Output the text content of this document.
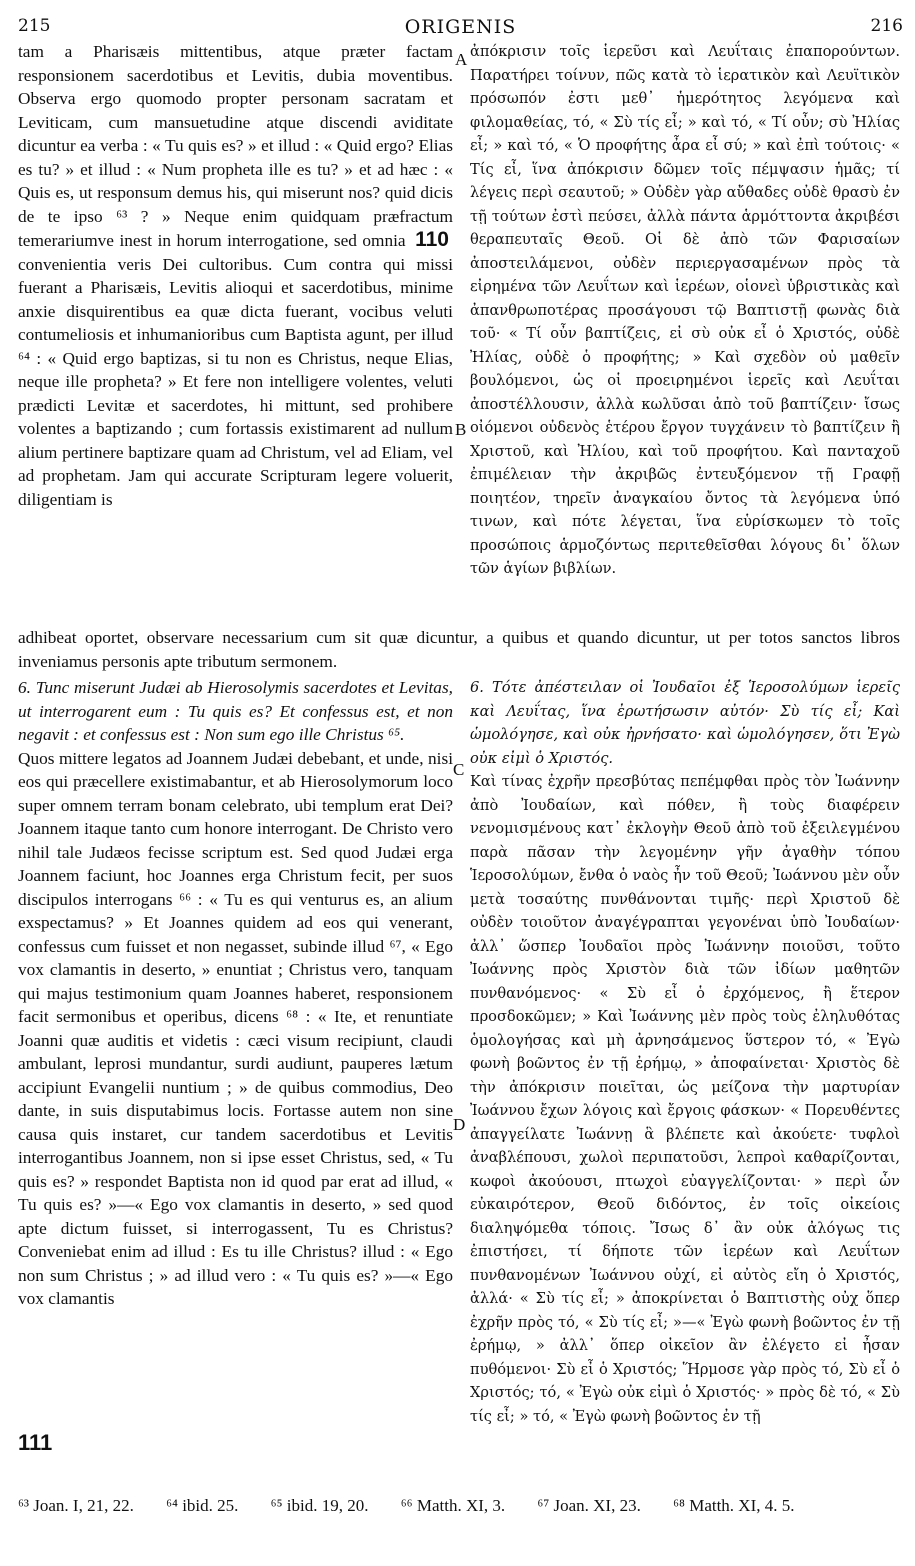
215	ORIGENIS	216

tam a Pharisæis mittentibus, atque præter factam responsionem sacerdotibus et Levitis, dubia moventibus. Observa ergo quomodo propter personam sacratam et Leviticam, cum mansuetudine atque discendi aviditate dicuntur ea verba : « Tu quis es? » et illud : « Quid ergo? Elias es tu? » et illud : « Num propheta ille es tu? » et ad hæc : « Quis es, ut responsum demus his, qui miserunt nos? quid dicis de te ipso ⁶³ ? » Neque enim quidquam præfractum temerariumve inest in horum interrogatione, sed omnia 110 convenientia veris Dei cultoribus. Cum contra qui missi fuerant a Pharisæis, Levitis alioqui et sacerdotibus, minime anxie disquirentibus ea quæ dicta fuerant, vocibus veluti contumeliosis et inhumanioribus cum Baptista agunt, per illud ⁶⁴ : « Quid ergo baptizas, si tu non es Christus, neque Elias, neque ille propheta? » Et fere non intelligere volentes, veluti prædicti Levitæ et sacerdotes, hi mittunt, sed prohibere volentes a baptizando ; cum fortassis existimarent ad nullum alium pertinere baptizare quam ad Christum, vel ad Eliam, vel ad prophetam. Jam qui accurate Scripturam legere voluerit, diligentiam is

ἀπόκρισιν τοῖς ἱερεῦσι καὶ Λευΐταις ἐπαπορούντων. Παρατήρει τοίνυν, πῶς κατὰ τὸ ἱερατικὸν καὶ Λευϊτικὸν πρόσωπόν ἐστι μεθ᾽ ἡμερότητος λεγόμενα καὶ φιλομαθείας, τό, « Σὺ τίς εἶ; » καὶ τό, « Τί οὖν; σὺ Ἠλίας εἶ; » καὶ τό, « Ὁ προφήτης ἆρα εἶ σύ; » καὶ ἐπὶ τούτοις· « Τίς εἶ, ἵνα ἀπόκρισιν δῶμεν τοῖς πέμψασιν ἡμᾶς; τί λέγεις περὶ σεαυτοῦ; » Οὐδὲν γὰρ αὔθαδες οὐδὲ θρασὺ ἐν τῇ τούτων ἐστὶ πεύσει, ἀλλὰ πάντα ἁρμόττοντα ἀκριβέσι θεραπευταῖς Θεοῦ. Οἱ δὲ ἀπὸ τῶν Φαρισαίων ἀποστειλάμενοι, οὐδὲν περιεργασαμένων πρὸς τὰ εἰρημένα τῶν Λευΐτων καὶ ἱερέων, οἱονεὶ ὑβριστικὰς καὶ ἀπανθρωποτέρας προσάγουσι τῷ Βαπτιστῇ φωνὰς διὰ τοῦ· « Τί οὖν βαπτίζεις, εἰ σὺ οὐκ εἶ ὁ Χριστός, οὐδὲ Ἠλίας, οὐδὲ ὁ προφήτης; » Καὶ σχεδὸν οὐ μαθεῖν βουλόμενοι, ὡς οἱ προειρημένοι ἱερεῖς καὶ Λευΐται ἀποστέλλουσιν, ἀλλὰ κωλῦσαι ἀπὸ τοῦ βαπτίζειν· ἴσως οἰόμενοι οὐδενὸς ἑτέρου ἔργον τυγχάνειν τὸ βαπτίζειν ἢ Χριστοῦ, καὶ Ἠλίου, καὶ τοῦ προφήτου. Καὶ πανταχοῦ ἐπιμέλειαν τὴν ἀκριβῶς ἐντευξόμενον τῇ Γραφῇ ποιητέον, τηρεῖν ἀναγκαίου ὄντος τὰ λεγόμενα ὑπό τινων, καὶ πότε λέγεται, ἵνα εὑρίσκωμεν τὸ τοῖς προσώποις ἁρμοζόντως περιτεθεῖσθαι λόγους δι᾽ ὅλων τῶν ἁγίων βιβλίων.

adhibeat oportet, observare necessarium cum sit quæ dicuntur, a quibus et quando dicuntur, ut per totos sanctos libros inveniamus personis apte tributum sermonem.

6. Tunc miserunt Judæi ab Hierosolymis sacerdotes et Levitas, ut interrogarent eum : Tu quis es? Et confessus est, et non negavit : et confessus est : Non sum ego ille Christus ⁶⁵.

Quos mittere legatos ad Joannem Judæi debebant, et unde, nisi eos qui præcellere existimabantur, et ab Hierosolymorum loco super omnem terram bonam celebrato, ubi templum erat Dei? Joannem itaque tanto cum honore interrogant. De Christo vero nihil tale Judæos fecisse scriptum est. Sed quod Judæi erga Joannem faciunt, hoc Joannes erga Christum fecit, per suos discipulos interrogans ⁶⁶ : « Tu es qui venturus es, an alium exspectamus? » Et Joannes quidem ad eos qui venerant, confessus cum fuisset et non negasset, subinde illud ⁶⁷, « Ego vox clamantis in deserto, » enuntiat ; Christus vero, tanquam qui majus testimonium quam Joannes haberet, responsionem facit sermonibus et operibus, dicens ⁶⁸ : « Ite, et renuntiate Joanni quæ auditis et videtis : cæci visum recipiunt, claudi ambulant, leprosi mundantur, surdi audiunt, pauperes lætum accipiunt Evangelii nuntium ; » de quibus commodius, Deo dante, in suis disputabimus locis. Fortasse autem non sine causa quis instaret, cur tandem sacerdotibus et Levitis interrogantibus Joannem, non si ipse esset Christus, sed, « Tu quis es? » respondet Baptista non id quod par erat ad illud, « Tu quis es? »—« Ego vox clamantis in deserto, » sed quod apte dictum fuisset, si interrogassent, Tu es Christus? Conveniebat enim ad illud : Es tu ille Christus? illud : « Ego non sum Christus ; » ad illud vero : « Tu quis es? »—« Ego vox clamantis

6. Τότε ἀπέστειλαν οἱ Ἰουδαῖοι ἐξ Ἱεροσολύμων ἱερεῖς καὶ Λευΐτας, ἵνα ἐρωτήσωσιν αὐτόν· Σὺ τίς εἶ; Καὶ ὡμολόγησε, καὶ οὐκ ἠρνήσατο· καὶ ὡμολόγησεν, ὅτι Ἐγὼ οὐκ εἰμὶ ὁ Χριστός.

Καὶ τίνας ἐχρῆν πρεσβύτας πεπέμφθαι πρὸς τὸν Ἰωάννην ἀπὸ Ἰουδαίων, καὶ πόθεν, ἢ τοὺς διαφέρειν νενομισμένους κατ᾽ ἐκλογὴν Θεοῦ ἀπὸ τοῦ ἐξειλεγμένου παρὰ πᾶσαν τὴν λεγομένην γῆν ἀγαθὴν τόπου Ἱεροσολύμων, ἔνθα ὁ ναὸς ἦν τοῦ Θεοῦ; Ἰωάννου μὲν οὖν μετὰ τοσαύτης πυνθάνονται τιμῆς· περὶ Χριστοῦ δὲ οὐδὲν τοιοῦτον ἀναγέγραπται γεγονέναι ὑπὸ Ἰουδαίων· ἀλλ᾽ ὥσπερ Ἰουδαῖοι πρὸς Ἰωάννην ποιοῦσι, τοῦτο Ἰωάννης πρὸς Χριστὸν διὰ τῶν ἰδίων μαθητῶν πυνθανόμενος· « Σὺ εἶ ὁ ἐρχόμενος, ἢ ἕτερον προσδοκῶμεν; » Καὶ Ἰωάννης μὲν πρὸς τοὺς ἐληλυθότας ὁμολογήσας καὶ μὴ ἀρνησάμενος ὕστερον τό, « Ἐγὼ φωνὴ βοῶντος ἐν τῇ ἐρήμῳ, » ἀποφαίνεται· Χριστὸς δὲ τὴν ἀπόκρισιν ποιεῖται, ὡς μείζονα τὴν μαρτυρίαν Ἰωάννου ἔχων λόγοις καὶ ἔργοις φάσκων· « Πορευθέντες ἀπαγγείλατε Ἰωάννῃ ἃ βλέπετε καὶ ἀκούετε· τυφλοὶ ἀναβλέπουσι, χωλοὶ περιπατοῦσι, λεπροὶ καθαρίζονται, κωφοὶ ἀκούουσι, πτωχοὶ εὐαγγελίζονται· » περὶ ὧν εὐκαιρότερον, Θεοῦ διδόντος, ἐν τοῖς οἰκείοις διαληψόμεθα τόποις. Ἴσως δ᾽ ἂν οὐκ ἀλόγως τις ἐπιστήσει, τί δήποτε τῶν ἱερέων καὶ Λευΐτων πυνθανομένων Ἰωάννου οὐχί, εἰ αὐτὸς εἴη ὁ Χριστός, ἀλλά· « Σὺ τίς εἶ; » ἀποκρίνεται ὁ Βαπτιστὴς οὐχ ὅπερ ἐχρῆν πρὸς τό, « Σὺ τίς εἶ; »—« Ἐγὼ φωνὴ βοῶντος ἐν τῇ ἐρήμῳ, » ἀλλ᾽ ὅπερ οἰκεῖον ἂν ἐλέγετο εἰ ἦσαν πυθόμενοι· Σὺ εἶ ὁ Χριστός; Ἥρμοσε γὰρ πρὸς τό, Σὺ εἶ ὁ Χριστός; τό, « Ἐγὼ οὐκ εἰμὶ ὁ Χριστός· » πρὸς δὲ τό, « Σὺ τίς εἶ; » τό, « Ἐγὼ φωνὴ βοῶντος ἐν τῇ

A
B
C
D
⁶³ Joan. I, 21, 22. ⁶⁴ ibid. 25. ⁶⁵ ibid. 19, 20. ⁶⁶ Matth. XI, 3. ⁶⁷ Joan. XI, 23. ⁶⁸ Matth. XI, 4. 5.
111
